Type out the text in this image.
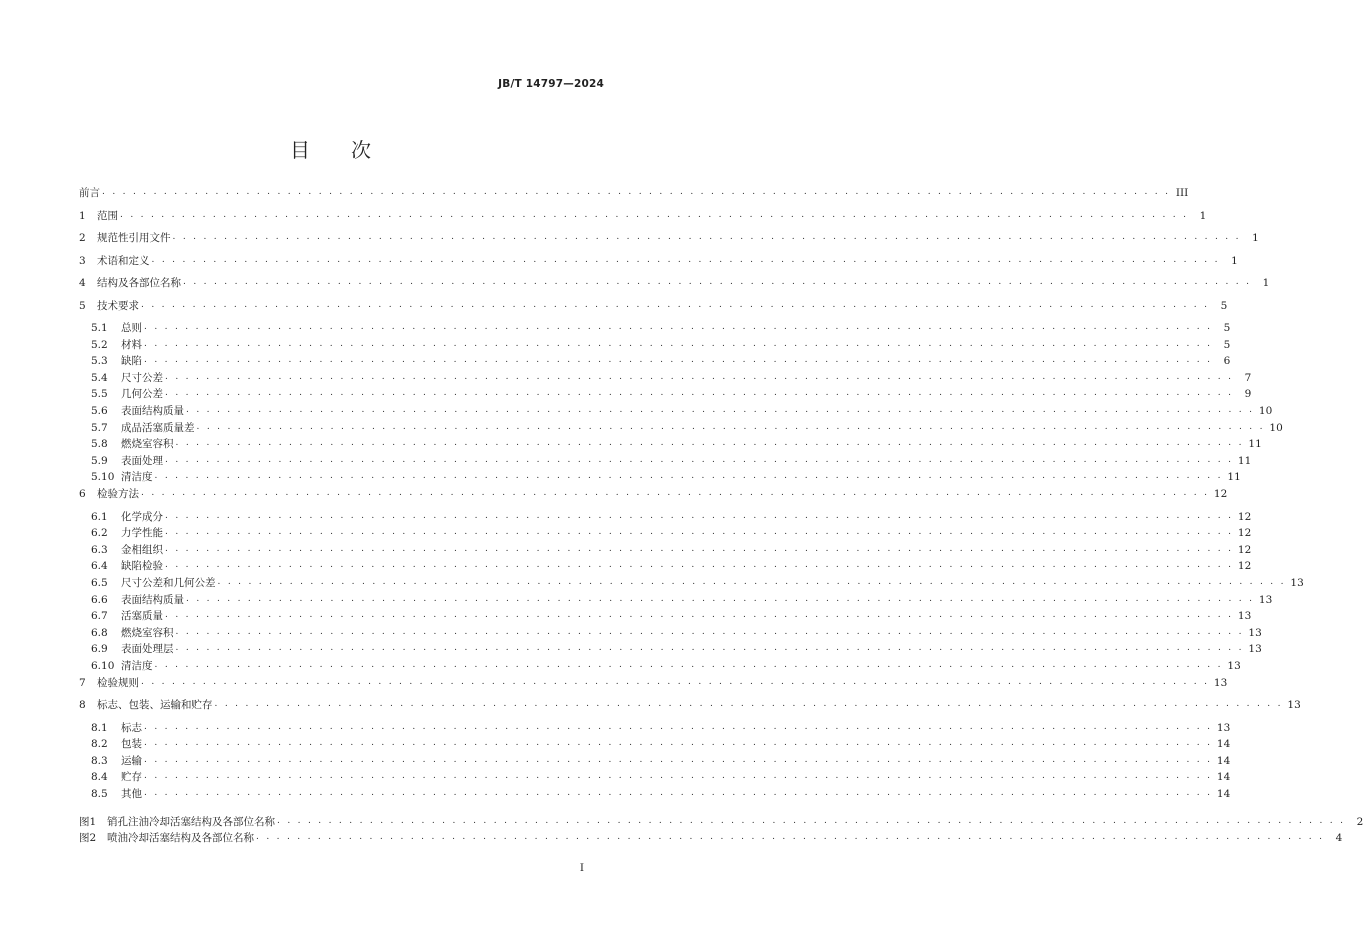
JB/T 14797—2024
目 次
前言 . . . . . . . . . . . . . . . . . . . . . . . . . . . . . . . . . . . . . . . . . . . . . . . . . . . . . . . . . . . . . . . . . . . . . . . . . . . . . . . . . . . . . . . . . . . . . . . . . . . . . . . . III
1	范围 . . . . . . . . . . . . . . . . . . . . . . . . . . . . . . . . . . . . . . . . . . . . . . . . . . . . . . . . . . . . . . . . . . . . . . . . . . . . . . . . . . . . . . . . . . . . . . . . . . . . . . . .	1
2	规范性引用文件 . . . . . . . . . . . . . . . . . . . . . . . . . . . . . . . . . . . . . . . . . . . . . . . . . . . . . . . . . . . . . . . . . . . . . . . . . . . . . . . . . . . . . . . . . . . . . . . . . . . . . . . .	1
3	术语和定义 . . . . . . . . . . . . . . . . . . . . . . . . . . . . . . . . . . . . . . . . . . . . . . . . . . . . . . . . . . . . . . . . . . . . . . . . . . . . . . . . . . . . . . . . . . . . . . . . . . . . . . . .	1
4	结构及各部位名称 . . . . . . . . . . . . . . . . . . . . . . . . . . . . . . . . . . . . . . . . . . . . . . . . . . . . . . . . . . . . . . . . . . . . . . . . . . . . . . . . . . . . . . . . . . . . . . . . . . . . . . . .	1
5	技术要求 . . . . . . . . . . . . . . . . . . . . . . . . . . . . . . . . . . . . . . . . . . . . . . . . . . . . . . . . . . . . . . . . . . . . . . . . . . . . . . . . . . . . . . . . . . . . . . . . . . . . . . . .	5
5.1	总则 . . . . . . . . . . . . . . . . . . . . . . . . . . . . . . . . . . . . . . . . . . . . . . . . . . . . . . . . . . . . . . . . . . . . . . . . . . . . . . . . . . . . . . . . . . . . . . . . . . . . . . . .	5
5.2	材料 . . . . . . . . . . . . . . . . . . . . . . . . . . . . . . . . . . . . . . . . . . . . . . . . . . . . . . . . . . . . . . . . . . . . . . . . . . . . . . . . . . . . . . . . . . . . . . . . . . . . . . . .	5
5.3	缺陷 . . . . . . . . . . . . . . . . . . . . . . . . . . . . . . . . . . . . . . . . . . . . . . . . . . . . . . . . . . . . . . . . . . . . . . . . . . . . . . . . . . . . . . . . . . . . . . . . . . . . . . . .	6
5.4	尺寸公差 . . . . . . . . . . . . . . . . . . . . . . . . . . . . . . . . . . . . . . . . . . . . . . . . . . . . . . . . . . . . . . . . . . . . . . . . . . . . . . . . . . . . . . . . . . . . . . . . . . . . . . . .	7
5.5	几何公差 . . . . . . . . . . . . . . . . . . . . . . . . . . . . . . . . . . . . . . . . . . . . . . . . . . . . . . . . . . . . . . . . . . . . . . . . . . . . . . . . . . . . . . . . . . . . . . . . . . . . . . . .	9
5.6	表面结构质量 . . . . . . . . . . . . . . . . . . . . . . . . . . . . . . . . . . . . . . . . . . . . . . . . . . . . . . . . . . . . . . . . . . . . . . . . . . . . . . . . . . . . . . . . . . . . . . . . . . . . . . . . 10
5.7	成品活塞质量差 . . . . . . . . . . . . . . . . . . . . . . . . . . . . . . . . . . . . . . . . . . . . . . . . . . . . . . . . . . . . . . . . . . . . . . . . . . . . . . . . . . . . . . . . . . . . . . . . . . . . . . . . 10
5.8	燃烧室容积 . . . . . . . . . . . . . . . . . . . . . . . . . . . . . . . . . . . . . . . . . . . . . . . . . . . . . . . . . . . . . . . . . . . . . . . . . . . . . . . . . . . . . . . . . . . . . . . . . . . . . . . . 11
5.9	表面处理 . . . . . . . . . . . . . . . . . . . . . . . . . . . . . . . . . . . . . . . . . . . . . . . . . . . . . . . . . . . . . . . . . . . . . . . . . . . . . . . . . . . . . . . . . . . . . . . . . . . . . . . . 11
5.10 清洁度 . . . . . . . . . . . . . . . . . . . . . . . . . . . . . . . . . . . . . . . . . . . . . . . . . . . . . . . . . . . . . . . . . . . . . . . . . . . . . . . . . . . . . . . . . . . . . . . . . . . . . . . . 11
6	检验方法 . . . . . . . . . . . . . . . . . . . . . . . . . . . . . . . . . . . . . . . . . . . . . . . . . . . . . . . . . . . . . . . . . . . . . . . . . . . . . . . . . . . . . . . . . . . . . . . . . . . . . . . . 12
6.1	化学成分 . . . . . . . . . . . . . . . . . . . . . . . . . . . . . . . . . . . . . . . . . . . . . . . . . . . . . . . . . . . . . . . . . . . . . . . . . . . . . . . . . . . . . . . . . . . . . . . . . . . . . . . . 12
6.2	力学性能 . . . . . . . . . . . . . . . . . . . . . . . . . . . . . . . . . . . . . . . . . . . . . . . . . . . . . . . . . . . . . . . . . . . . . . . . . . . . . . . . . . . . . . . . . . . . . . . . . . . . . . . . 12
6.3	金相组织 . . . . . . . . . . . . . . . . . . . . . . . . . . . . . . . . . . . . . . . . . . . . . . . . . . . . . . . . . . . . . . . . . . . . . . . . . . . . . . . . . . . . . . . . . . . . . . . . . . . . . . . . 12
6.4	缺陷检验 . . . . . . . . . . . . . . . . . . . . . . . . . . . . . . . . . . . . . . . . . . . . . . . . . . . . . . . . . . . . . . . . . . . . . . . . . . . . . . . . . . . . . . . . . . . . . . . . . . . . . . . . 12
6.5	尺寸公差和几何公差 . . . . . . . . . . . . . . . . . . . . . . . . . . . . . . . . . . . . . . . . . . . . . . . . . . . . . . . . . . . . . . . . . . . . . . . . . . . . . . . . . . . . . . . . . . . . . . . . . . . . . . . . 13
6.6	表面结构质量 . . . . . . . . . . . . . . . . . . . . . . . . . . . . . . . . . . . . . . . . . . . . . . . . . . . . . . . . . . . . . . . . . . . . . . . . . . . . . . . . . . . . . . . . . . . . . . . . . . . . . . . . 13
6.7	活塞质量 . . . . . . . . . . . . . . . . . . . . . . . . . . . . . . . . . . . . . . . . . . . . . . . . . . . . . . . . . . . . . . . . . . . . . . . . . . . . . . . . . . . . . . . . . . . . . . . . . . . . . . . . 13
6.8	燃烧室容积 . . . . . . . . . . . . . . . . . . . . . . . . . . . . . . . . . . . . . . . . . . . . . . . . . . . . . . . . . . . . . . . . . . . . . . . . . . . . . . . . . . . . . . . . . . . . . . . . . . . . . . . . 13
6.9	表面处理层 . . . . . . . . . . . . . . . . . . . . . . . . . . . . . . . . . . . . . . . . . . . . . . . . . . . . . . . . . . . . . . . . . . . . . . . . . . . . . . . . . . . . . . . . . . . . . . . . . . . . . . . . 13
6.10 清洁度 . . . . . . . . . . . . . . . . . . . . . . . . . . . . . . . . . . . . . . . . . . . . . . . . . . . . . . . . . . . . . . . . . . . . . . . . . . . . . . . . . . . . . . . . . . . . . . . . . . . . . . . . 13
7	检验规则 . . . . . . . . . . . . . . . . . . . . . . . . . . . . . . . . . . . . . . . . . . . . . . . . . . . . . . . . . . . . . . . . . . . . . . . . . . . . . . . . . . . . . . . . . . . . . . . . . . . . . . . . 13
8	标志、包装、运输和贮存 . . . . . . . . . . . . . . . . . . . . . . . . . . . . . . . . . . . . . . . . . . . . . . . . . . . . . . . . . . . . . . . . . . . . . . . . . . . . . . . . . . . . . . . . . . . . . . . . . . . . . . . . 13
8.1	标志 . . . . . . . . . . . . . . . . . . . . . . . . . . . . . . . . . . . . . . . . . . . . . . . . . . . . . . . . . . . . . . . . . . . . . . . . . . . . . . . . . . . . . . . . . . . . . . . . . . . . . . . . 13
8.2	包装 . . . . . . . . . . . . . . . . . . . . . . . . . . . . . . . . . . . . . . . . . . . . . . . . . . . . . . . . . . . . . . . . . . . . . . . . . . . . . . . . . . . . . . . . . . . . . . . . . . . . . . . . 14
8.3	运输 . . . . . . . . . . . . . . . . . . . . . . . . . . . . . . . . . . . . . . . . . . . . . . . . . . . . . . . . . . . . . . . . . . . . . . . . . . . . . . . . . . . . . . . . . . . . . . . . . . . . . . . . 14
8.4	贮存 . . . . . . . . . . . . . . . . . . . . . . . . . . . . . . . . . . . . . . . . . . . . . . . . . . . . . . . . . . . . . . . . . . . . . . . . . . . . . . . . . . . . . . . . . . . . . . . . . . . . . . . . 14
8.5	其他 . . . . . . . . . . . . . . . . . . . . . . . . . . . . . . . . . . . . . . . . . . . . . . . . . . . . . . . . . . . . . . . . . . . . . . . . . . . . . . . . . . . . . . . . . . . . . . . . . . . . . . . . 14
图1	销孔注油冷却活塞结构及各部位名称 . . . . . . . . . . . . . . . . . . . . . . . . . . . . . . . . . . . . . . . . . . . . . . . . . . . . . . . . . . . . . . . . . . . . . . . . . . . . . . . . . . . . . . . . . . . . . . . . . . . . . . . .	2
图2	喷油冷却活塞结构及各部位名称 . . . . . . . . . . . . . . . . . . . . . . . . . . . . . . . . . . . . . . . . . . . . . . . . . . . . . . . . . . . . . . . . . . . . . . . . . . . . . . . . . . . . . . . . . . . . . . . . . . . . . . . .	4
I
